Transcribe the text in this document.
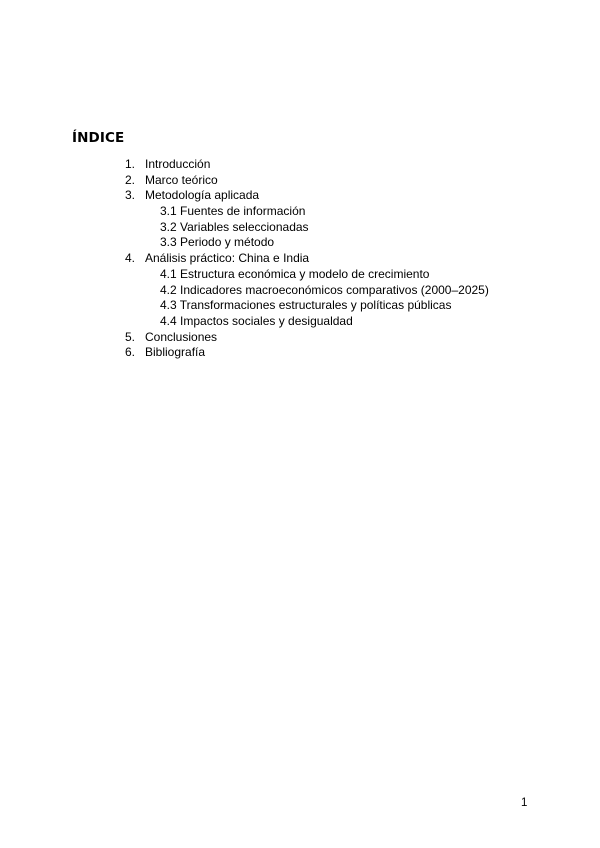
ÍNDICE
1. Introducción
2. Marco teórico
3. Metodología aplicada
3.1 Fuentes de información
3.2 Variables seleccionadas
3.3 Periodo y método
4. Análisis práctico: China e India
4.1 Estructura económica y modelo de crecimiento
4.2 Indicadores macroeconómicos comparativos (2000–2025)
4.3 Transformaciones estructurales y políticas públicas
4.4 Impactos sociales y desigualdad
5. Conclusiones
6. Bibliografía
1
